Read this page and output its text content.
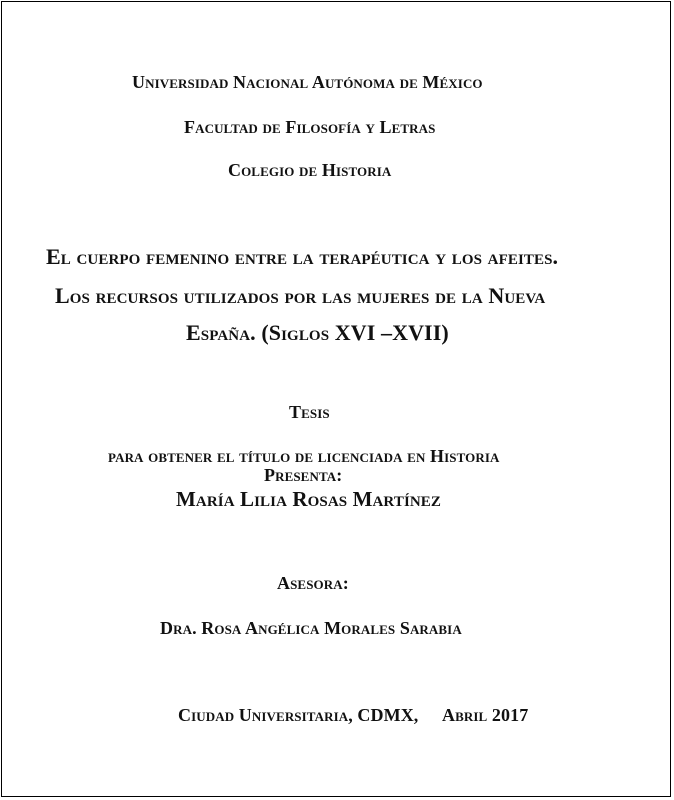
Universidad Nacional Autónoma de México
Facultad de Filosofía y Letras
Colegio de Historia
El cuerpo femenino entre la terapéutica y los afeites.
Los recursos utilizados por las mujeres de la Nueva
España. (Siglos XVI –XVII)
Tesis
para obtener el título de licenciada en Historia
Presenta:
María Lilia Rosas Martínez
Asesora:
Dra. Rosa Angélica Morales Sarabia
Ciudad Universitaria, CDMX, Abril 2017
